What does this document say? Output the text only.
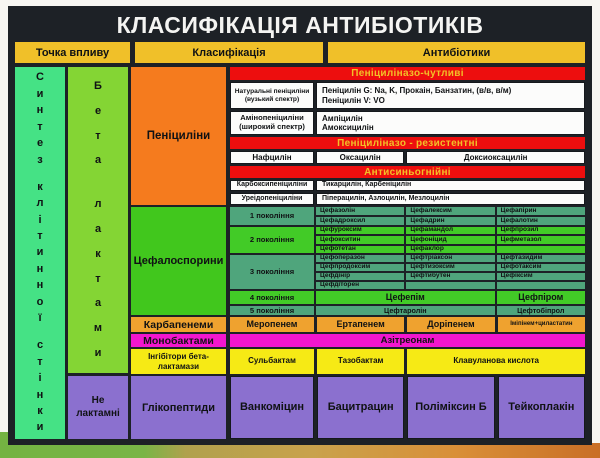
КЛАСИФІКАЦІЯ АНТИБІОТИКІВ
Точка впливу	Класифікація	Антибіотики
С
и
н
т
е
з
к
л
і
т
и
н
н
о
ї
с
т
і
н
к
и
Б
е
т
а
л
а
к
т
а
м
и
Не лактамні
Пеніциліни
Пеніциліназо-чутливі
Натуральні пеніциліни (вузький спектр)
Пеніцилін G: Na, K, Прокаін, Банзатин, (в/в, в/м)
Пеніцилін V: VO
Амінопеніциліни (широкий спектр)
Ампіцилін
Амоксицилін
Пеніциліназо - резистентні
Нафцилін	Оксацилін	Доксиоксацилін
Антисиньогнійні
Карбоксипеніциліни	Тикарцилін, Карбеніцилін
Уреідопеніциліни	Піперацилін, Азлоцилін, Мезлоцилін
Цефалоспорини
1 покоління
Цефазолін	Цефалексим	Цефапірин
Цефадроксил	Цефадрин	Цефалотин
2 покоління
Цефуроксим	Цефамандол	Цефпрозил
Цефокситин	Цефоніцид	Цефметазол
Цефотетан	Цефаклор
3 покоління
Цефоперазон	Цефтріаксон	Цефтазидим
Цефпродоксим	Цефтизоксим	Цефотаксим
Цефдінір	Цефтибутен	Цефіксим
Цефдіторен
4 покоління	Цефепім	Цефпіром
5 покоління	Цефтаролін	Цефтобіпрол
Карбапенеми	Меропенем	Ертапенем	Доріпенем	Іміпінем+циластатин
Монобактами	Азітреонам
Інгібітори бета-лактамази
Сульбактам	Тазобактам	Клавуланова кислота
Глікопептиди	Ванкоміцин	Бацитрацин	Поліміксин Б	Тейкоплакін
